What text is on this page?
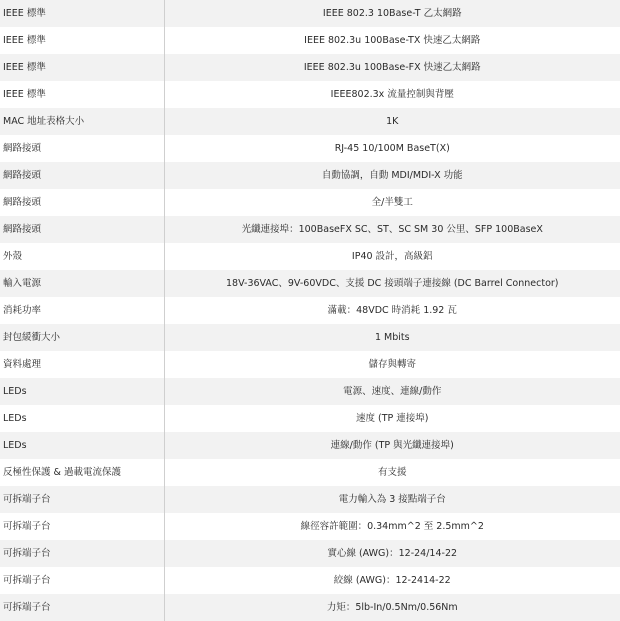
IEEE 標準	IEEE 802.3 10Base-T 乙太網路
IEEE 標準	IEEE 802.3u 100Base-TX 快速乙太網路
IEEE 標準	IEEE 802.3u 100Base-FX 快速乙太網路
IEEE 標準	IEEE802.3x 流量控制與背壓
MAC 地址表格大小	1K
網路接頭	RJ-45 10/100M BaseT(X)
網路接頭	自動協調，自動 MDI/MDI-X 功能
網路接頭	全/半雙工
網路接頭	光纖連接埠：100BaseFX SC、ST、SC SM 30 公里、SFP 100BaseX
外殼	IP40 設計，高級鋁
輸入電源	18V-36VAC、9V-60VDC、支援 DC 接頭端子連接線 (DC Barrel Connector)
消耗功率	滿載：48VDC 時消耗 1.92 瓦
封包緩衝大小	1 Mbits
資料處理	儲存與轉寄
LEDs	電源、速度、連線/動作
LEDs	速度 (TP 連接埠)
LEDs	連線/動作 (TP 與光纖連接埠)
反極性保護 & 過載電流保護	有支援
可拆端子台	電力輸入為 3 接點端子台
可拆端子台	線徑容許範圍：0.34mm^2 至 2.5mm^2
可拆端子台	實心線 (AWG)：12-24/14-22
可拆端子台	絞線 (AWG)：12-2414-22
可拆端子台	力矩：5lb-In/0.5Nm/0.56Nm
